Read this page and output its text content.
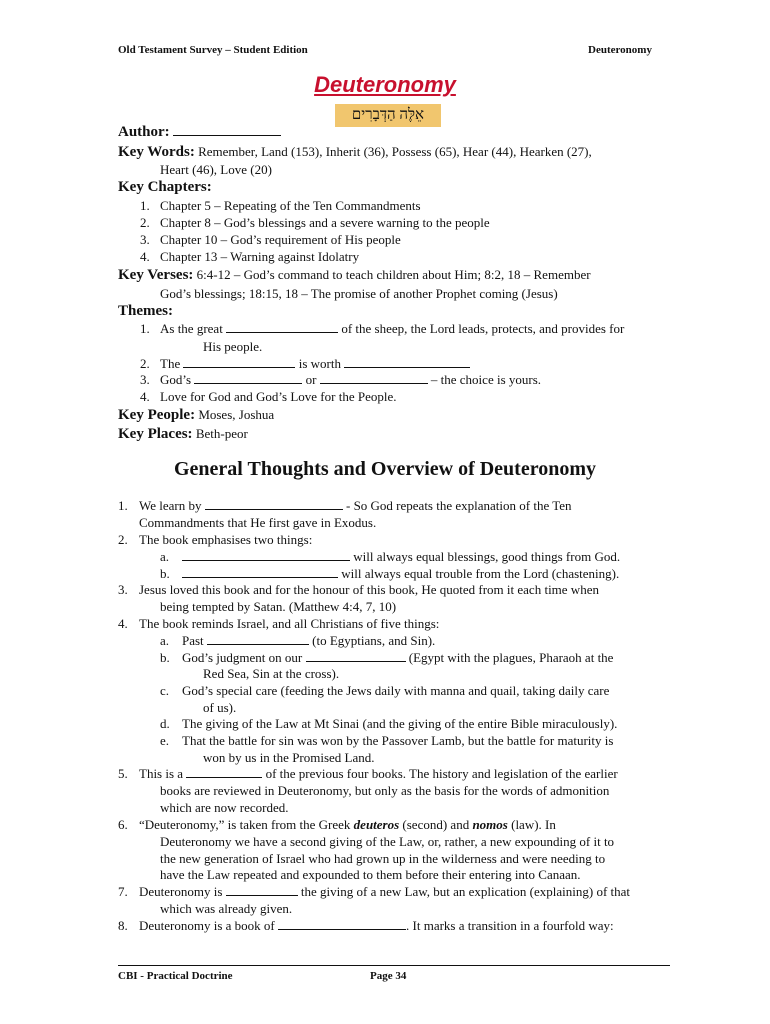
Old Testament Survey – Student Edition	Deuteronomy
Deuteronomy
אֵלֶּה הַדְּבָרִים
Author:
Key Words: Remember, Land (153), Inherit (36), Possess (65), Hear (44), Hearken (27),
Heart (46), Love (20)
Key Chapters:
1. Chapter 5 – Repeating of the Ten Commandments
2. Chapter 8 – God’s blessings and a severe warning to the people
3. Chapter 10 – God’s requirement of His people
4. Chapter 13 – Warning against Idolatry
Key Verses: 6:4-12 – God’s command to teach children about Him; 8:2, 18 – Remember
God’s blessings; 18:15, 18 – The promise of another Prophet coming (Jesus)
Themes:
1. As the great	of the sheep, the Lord leads, protects, and provides for
His people.
2. The	is worth
3. God’s	or	– the choice is yours.
4. Love for God and God’s Love for the People.
Key People: Moses, Joshua
Key Places: Beth-peor
General Thoughts and Overview of Deuteronomy
1. We learn by	- So God repeats the explanation of the Ten
Commandments that He first gave in Exodus.
2. The book emphasises two things:
a.	will always equal blessings, good things from God.
b.	will always equal trouble from the Lord (chastening).
3. Jesus loved this book and for the honour of this book, He quoted from it each time when
being tempted by Satan. (Matthew 4:4, 7, 10)
4. The book reminds Israel, and all Christians of five things:
a. Past	(to Egyptians, and Sin).
b. God’s judgment on our	(Egypt with the plagues, Pharaoh at the
Red Sea, Sin at the cross).
c. God’s special care (feeding the Jews daily with manna and quail, taking daily care
of us).
d. The giving of the Law at Mt Sinai (and the giving of the entire Bible miraculously).
e. That the battle for sin was won by the Passover Lamb, but the battle for maturity is
won by us in the Promised Land.
5. This is a	of the previous four books. The history and legislation of the earlier
books are reviewed in Deuteronomy, but only as the basis for the words of admonition
which are now recorded.
6. “Deuteronomy,” is taken from the Greek deuteros (second) and nomos (law). In
Deuteronomy we have a second giving of the Law, or, rather, a new expounding of it to
the new generation of Israel who had grown up in the wilderness and were needing to
have the Law repeated and expounded to them before their entering into Canaan.
7. Deuteronomy is	the giving of a new Law, but an explication (explaining) of that
which was already given.
8. Deuteronomy is a book of	. It marks a transition in a fourfold way:
CBI - Practical Doctrine	Page 34
